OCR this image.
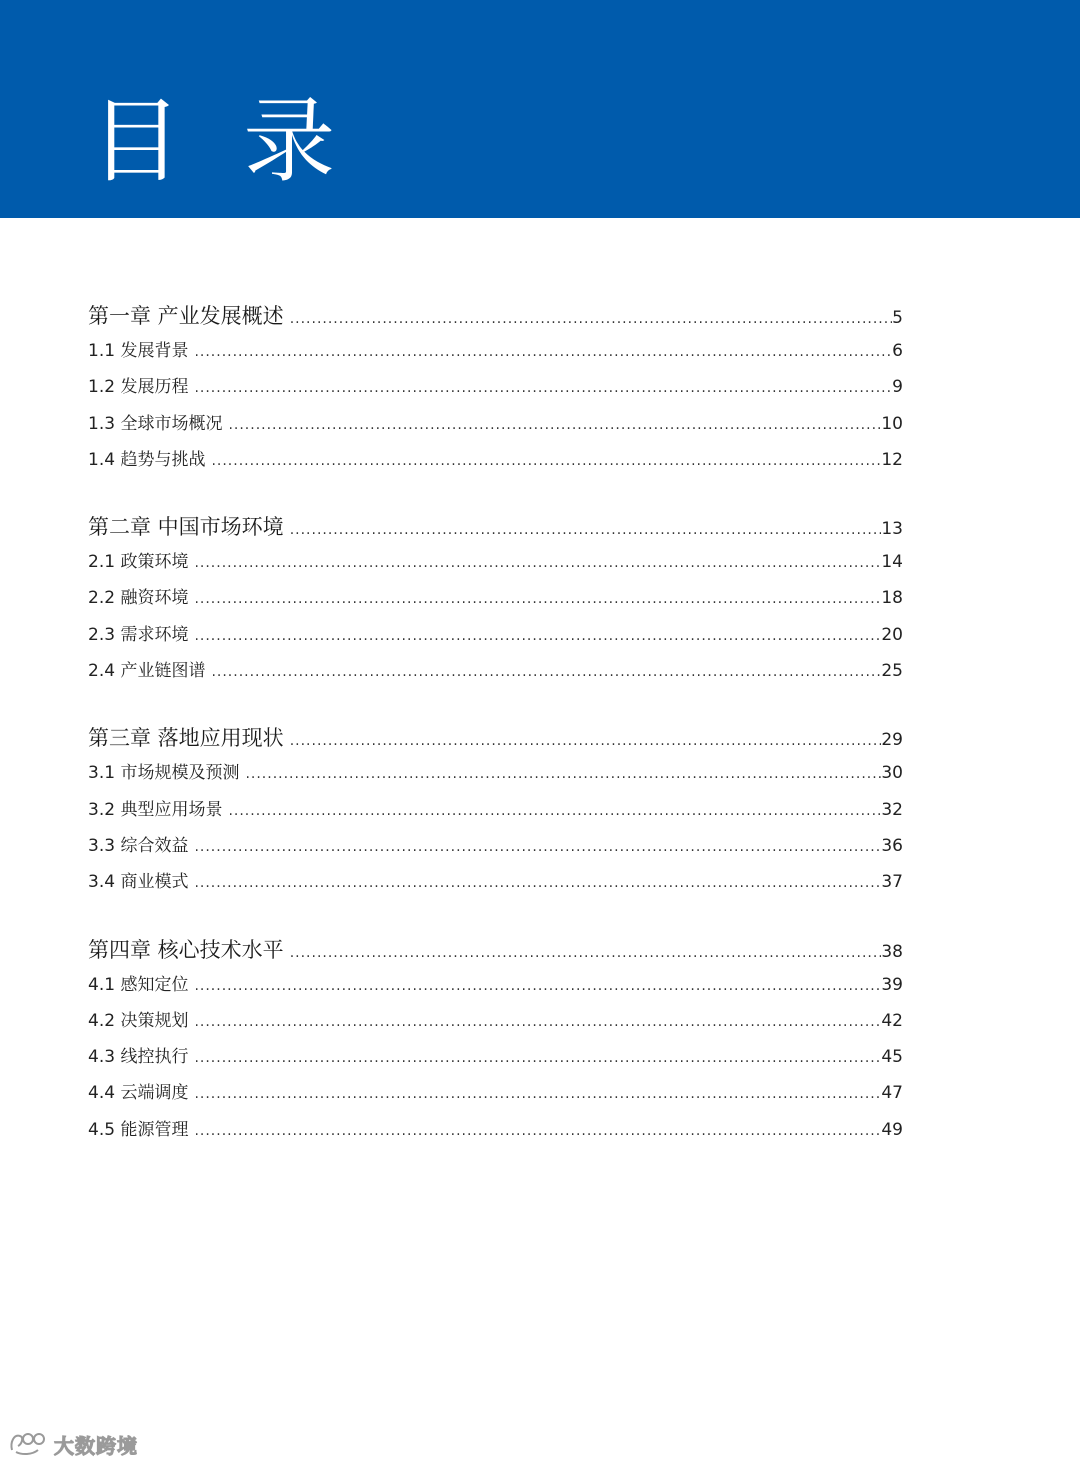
目 录
第一章 产业发展概述 .....	5
1.1 发展背景 .....	6
1.2 发展历程 .....	9
1.3 全球市场概况 .....	10
1.4 趋势与挑战 .....	12
第二章 中国市场环境 .....	13
2.1 政策环境 .....	14
2.2 融资环境 .....	18
2.3 需求环境 .....	20
2.4 产业链图谱 .....	25
第三章 落地应用现状 .....	29
3.1 市场规模及预测 .....	30
3.2 典型应用场景 .....	32
3.3 综合效益 .....	36
3.4 商业模式 .....	37
第四章 核心技术水平 .....	38
4.1 感知定位 .....	39
4.2 决策规划 .....	42
4.3 线控执行 .....	45
4.4 云端调度 .....	47
4.5 能源管理 .....	49
大数跨境
